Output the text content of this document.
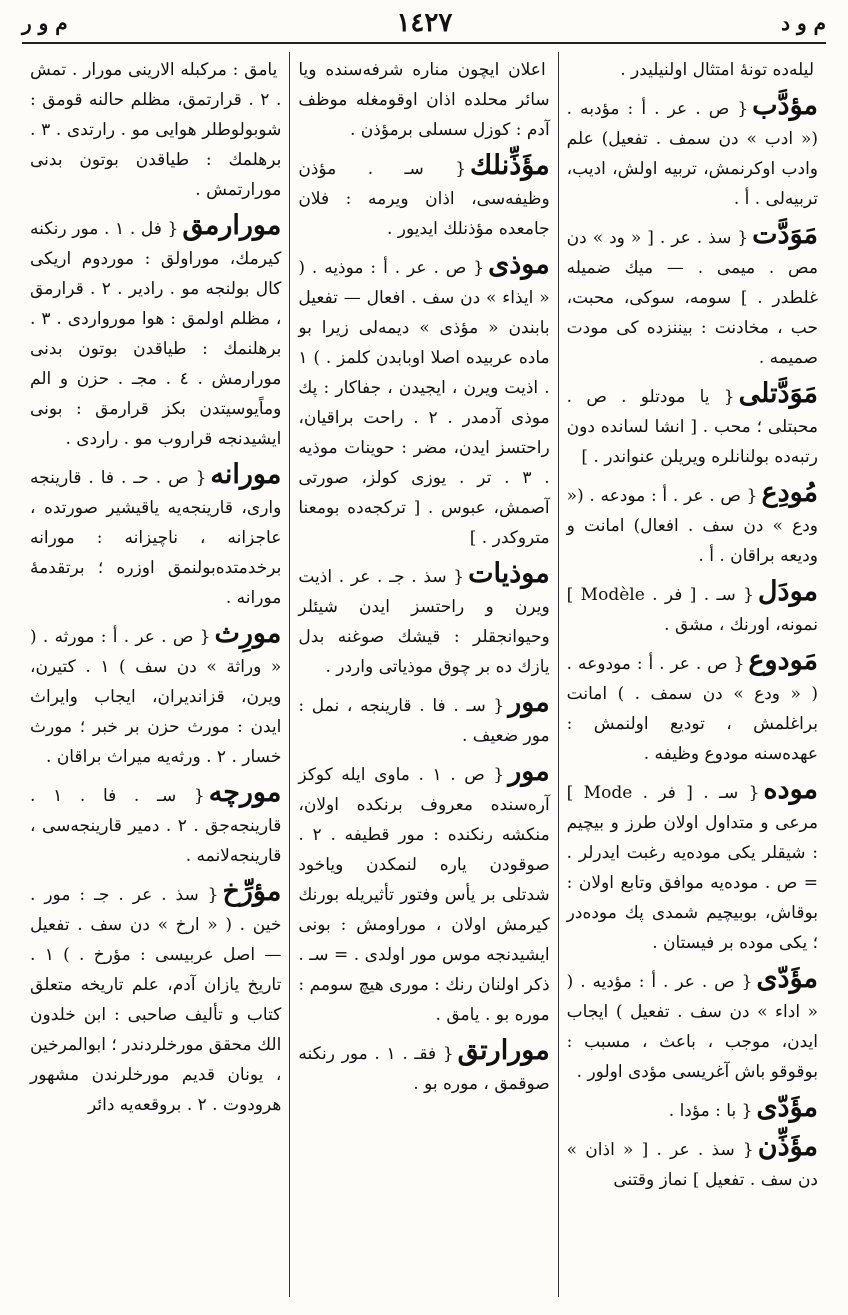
م و ر	١٤٢٧	م و د
لیله‌ده تونۀ امتثال اولنیلیدر .
مؤدَّب{ ص . عر . أ : مؤدبه . (« ادب » دن سمف . تفعیل) علم وادب اوکرنمش، تربیه اولش، ادیب، تربیه‌لی . أ .
مَوَدَّت{ سذ . عر . [ « ود » دن مص . میمی . — میك ضمیله غلطدر . ] سومه، سوکی، محبت، حب ، مخادنت : بیننزده کی مودت صمیمه .
مَوَدَّتلی{ یا مودتلو . ص . محبتلی ؛ محب . [ انشا لسانده دون رتبه‌ده بولنانلره ویریلن عنواندر . ]
مُودِع{ ص . عر . أ : مودعه . (« ودع » دن سف . افعال) امانت و ودیعه براقان . أ .
مودَل{ سـ . [ فر . Modèle ] نمونه، اورنك ، مشق .
مَودوع{ ص . عر . أ : مودوعه . ( « ودع » دن سمف . ) امانت براغلمش ، تودیع اولنمش : عهده‌سنه مودوع وظیفه .
موده{ سـ . [ فر . Mode ] مرعی و متداول اولان طرز و بیچیم : شیقلر یکی موده‌یه رغبت ایدرلر . = ص . موده‌یه موافق وتابع اولان : بوقاش، بوبیچیم شمدی پك موده‌در ؛ یکی موده بر فیستان .
مؤَدّی{ ص . عر . أ : مؤدیه . ( « اداء » دن سف . تفعیل ) ایجاب ایدن، موجب ، باعث ، مسبب : بوقوقو باش آغریسی مؤدی اولور .
مؤَدّی{ با : مؤدا .
مؤَذِّن{ سذ . عر . [ « اذان » دن سف . تفعیل ] نماز وقتنی
اعلان ایچون مناره شرفه‌سنده ویا سائر محلده اذان اوقومغله موظف آدم : کوزل سسلی برمؤذن .
مؤَذِّنلك{ سـ . مؤذن وظیفه‌سی، اذان ویرمه : فلان جامعده مؤذنلك ایدیور .
موذی{ ص . عر . أ : موذیه . ( « ایذاء » دن سف . افعال — تفعیل بابندن « مؤذی » دیمه‌لی زیرا بو ماده عربیده اصلا اوبابدن کلمز . ) ۱ . اذیت ویرن ، ایجیدن ، جفاکار : پك موذی آدمدر . ۲ . راحت براقیان، راحتسز ایدن، مضر : حوینات موذیه . ۳ . تر . یوزی کولز، صورتی آصمش، عبوس . [ ترکجه‌ده بومعنا متروکدر . ]
موذیات{ سذ . جـ . عر . اذیت ویرن و راحتسز ایدن شیئلر وحیوانجقلر : قیشك صوغنه بدل یازك ده بر چوق موذیاتی واردر .
مور{ سـ . فا . قارینجه ، نمل : مور ضعیف .
مور{ ص . ۱ . ماوی ایله کوکز آره‌سنده معروف برنکده اولان، منکشه رنکنده : مور قطیفه . ۲ . صوقودن یاره لنمکدن وياخود شدتلی بر یأس وفتور تأثیریله بورنك کیرمش اولان ، موراومش : بونی ایشیدنجه موس مور اولدی . = سـ . ذکر اولنان رنك : موری هیچ سومم : موره بو . یامق .
مورارتق{ فقـ . ۱ . مور رنکنه صوقمق ، موره بو .
یامق : مرکبله الارینی مورار . تمش . ۲ . قرارتمق، مظلم حالنه قومق : شوبولوطلر هوایی مو . رارتدی . ۳ . برهلمك : طیاقدن بوتون بدنی مورارتمش .
مورارمق{ فل . ۱ . مور رنکنه کیرمك، موراولق : موردوم اریکی کال بولنجه مو . رادیر . ۲ . قرارمق ، مظلم اولمق : هوا مورواردی . ۳ . برهلنمك : طیاقدن بوتون بدنی مورارمش . ٤ . مجـ . حزن و الم وماًیوسیتدن بکز قرارمق : بونی ایشیدنجه قراروب مو . راردی .
مورانه{ ص . حـ . فا . قارینجه واری، قارینجه‌یه یاقیشیر صورتده ، عاجزانه ، ناچیزانه : مورانه برخدمتده‌بولنمق اوزره ؛ برتقدمهٔ مورانه .
مورِث{ ص . عر . أ : مورثه . ( « وراثة » دن سف ) ۱ . کتیرن، ویرن، قزاندیران، ایجاب وایراث ایدن : مورث حزن بر خبر ؛ مورث خسار . ۲ . ورثه‌یه میراث براقان .
مورچه{ سـ . فا . ۱ . قارینجه‌جق . ۲ . دمیر قارینجه‌سی ، قارینجه‌لانمه .
مؤرِّخ{ سذ . عر . جـ : مور . خین . ( « ارخ » دن سف . تفعیل — اصل عربیسی : مؤرخ . ) ۱ . تاریخ یازان آدم، علم تاریخه متعلق کتاب و تألیف صاحبی : ابن خلدون الك محقق مورخلردندر ؛ ابوالمرخین ، یونان قدیم مورخلرندن مشهور هرودوت . ۲ . بروقعه‌یه دائر
